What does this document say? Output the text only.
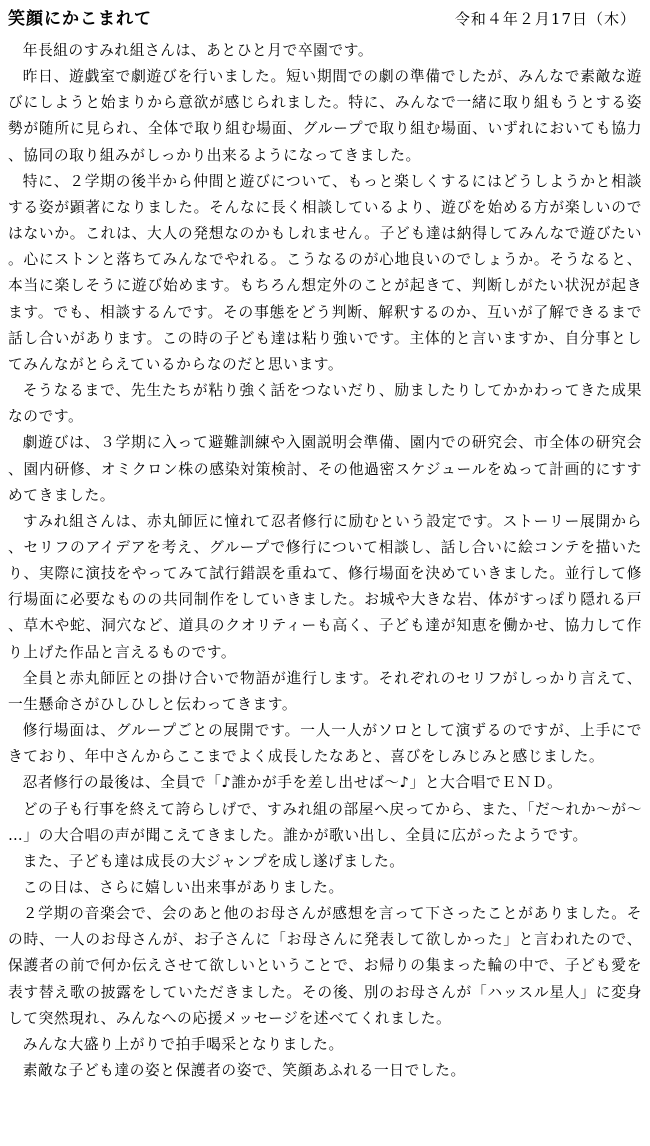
笑顔にかこまれて	令和４年２月17日（木）

年長組のすみれ組さんは、あとひと月で卒園です。

昨日、遊戯室で劇遊びを行いました。短い期間での劇の準備でしたが、みんなで素敵な遊びにしようと始まりから意欲が感じられました。特に、みんなで一緒に取り組もうとする姿勢が随所に見られ、全体で取り組む場面、グループで取り組む場面、いずれにおいても協力、協同の取り組みがしっかり出来るようになってきました。

特に、２学期の後半から仲間と遊びについて、もっと楽しくするにはどうしようかと相談する姿が顕著になりました。そんなに長く相談しているより、遊びを始める方が楽しいのではないか。これは、大人の発想なのかもしれません。子ども達は納得してみんなで遊びたい。心にストンと落ちてみんなでやれる。こうなるのが心地良いのでしょうか。そうなると、本当に楽しそうに遊び始めます。もちろん想定外のことが起きて、判断しがたい状況が起きます。でも、相談するんです。その事態をどう判断、解釈するのか、互いが了解できるまで話し合いがあります。この時の子ども達は粘り強いです。主体的と言いますか、自分事としてみんながとらえているからなのだと思います。

そうなるまで、先生たちが粘り強く話をつないだり、励ましたりしてかかわってきた成果なのです。

劇遊びは、３学期に入って避難訓練や入園説明会準備、園内での研究会、市全体の研究会、園内研修、オミクロン株の感染対策検討、その他過密スケジュールをぬって計画的にすすめてきました。

すみれ組さんは、赤丸師匠に憧れて忍者修行に励むという設定です。ストーリー展開から、セリフのアイデアを考え、グループで修行について相談し、話し合いに絵コンテを描いたり、実際に演技をやってみて試行錯誤を重ねて、修行場面を決めていきました。並行して修行場面に必要なものの共同制作をしていきました。お城や大きな岩、体がすっぽり隠れる戸、草木や蛇、洞穴など、道具のクオリティーも高く、子ども達が知恵を働かせ、協力して作り上げた作品と言えるものです。

全員と赤丸師匠との掛け合いで物語が進行します。それぞれのセリフがしっかり言えて、一生懸命さがひしひしと伝わってきます。

修行場面は、グループごとの展開です。一人一人がソロとして演ずるのですが、上手にできており、年中さんからここまでよく成長したなあと、喜びをしみじみと感じました。

忍者修行の最後は、全員で「♪誰かが手を差し出せば～♪」と大合唱でＥＮＤ。

どの子も行事を終えて誇らしげで、すみれ組の部屋へ戻ってから、また、「だ～れか～が～…」の大合唱の声が聞こえてきました。誰かが歌い出し、全員に広がったようです。

また、子ども達は成長の大ジャンプを成し遂げました。

この日は、さらに嬉しい出来事がありました。

２学期の音楽会で、会のあと他のお母さんが感想を言って下さったことがありました。その時、一人のお母さんが、お子さんに「お母さんに発表して欲しかった」と言われたので、保護者の前で何か伝えさせて欲しいということで、お帰りの集まった輪の中で、子ども愛を表す替え歌の披露をしていただきました。その後、別のお母さんが「ハッスル星人」に変身して突然現れ、みんなへの応援メッセージを述べてくれました。

みんな大盛り上がりで拍手喝采となりました。

素敵な子ども達の姿と保護者の姿で、笑顔あふれる一日でした。
